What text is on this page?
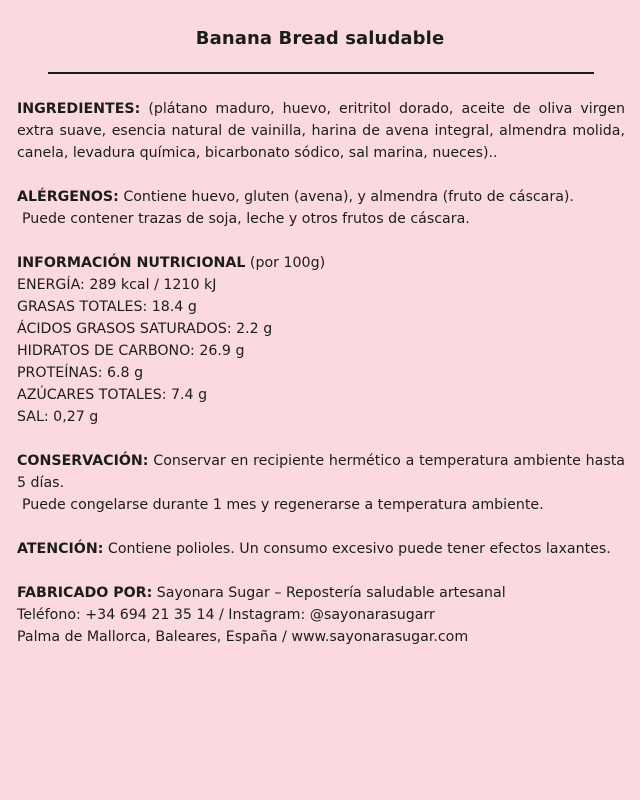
Banana Bread saludable

INGREDIENTES: (plátano maduro, huevo, eritritol dorado, aceite de oliva virgen extra suave, esencia natural de vainilla, harina de avena integral, almendra molida, canela, levadura química, bicarbonato sódico, sal marina, nueces)..

ALÉRGENOS: Contiene huevo, gluten (avena), y almendra (fruto de cáscara).
Puede contener trazas de soja, leche y otros frutos de cáscara.

INFORMACIÓN NUTRICIONAL (por 100g)
ENERGÍA: 289 kcal / 1210 kJ
GRASAS TOTALES: 18.4 g
ÁCIDOS GRASOS SATURADOS: 2.2 g
HIDRATOS DE CARBONO: 26.9 g
PROTEÍNAS: 6.8 g
AZÚCARES TOTALES: 7.4 g
SAL: 0,27 g

CONSERVACIÓN: Conservar en recipiente hermético a temperatura ambiente hasta 5 días.
Puede congelarse durante 1 mes y regenerarse a temperatura ambiente.

ATENCIÓN: Contiene polioles. Un consumo excesivo puede tener efectos laxantes.

FABRICADO POR: Sayonara Sugar – Repostería saludable artesanal
Teléfono: +34 694 21 35 14 / Instagram: @sayonarasugarr
Palma de Mallorca, Baleares, España / www.sayonarasugar.com
